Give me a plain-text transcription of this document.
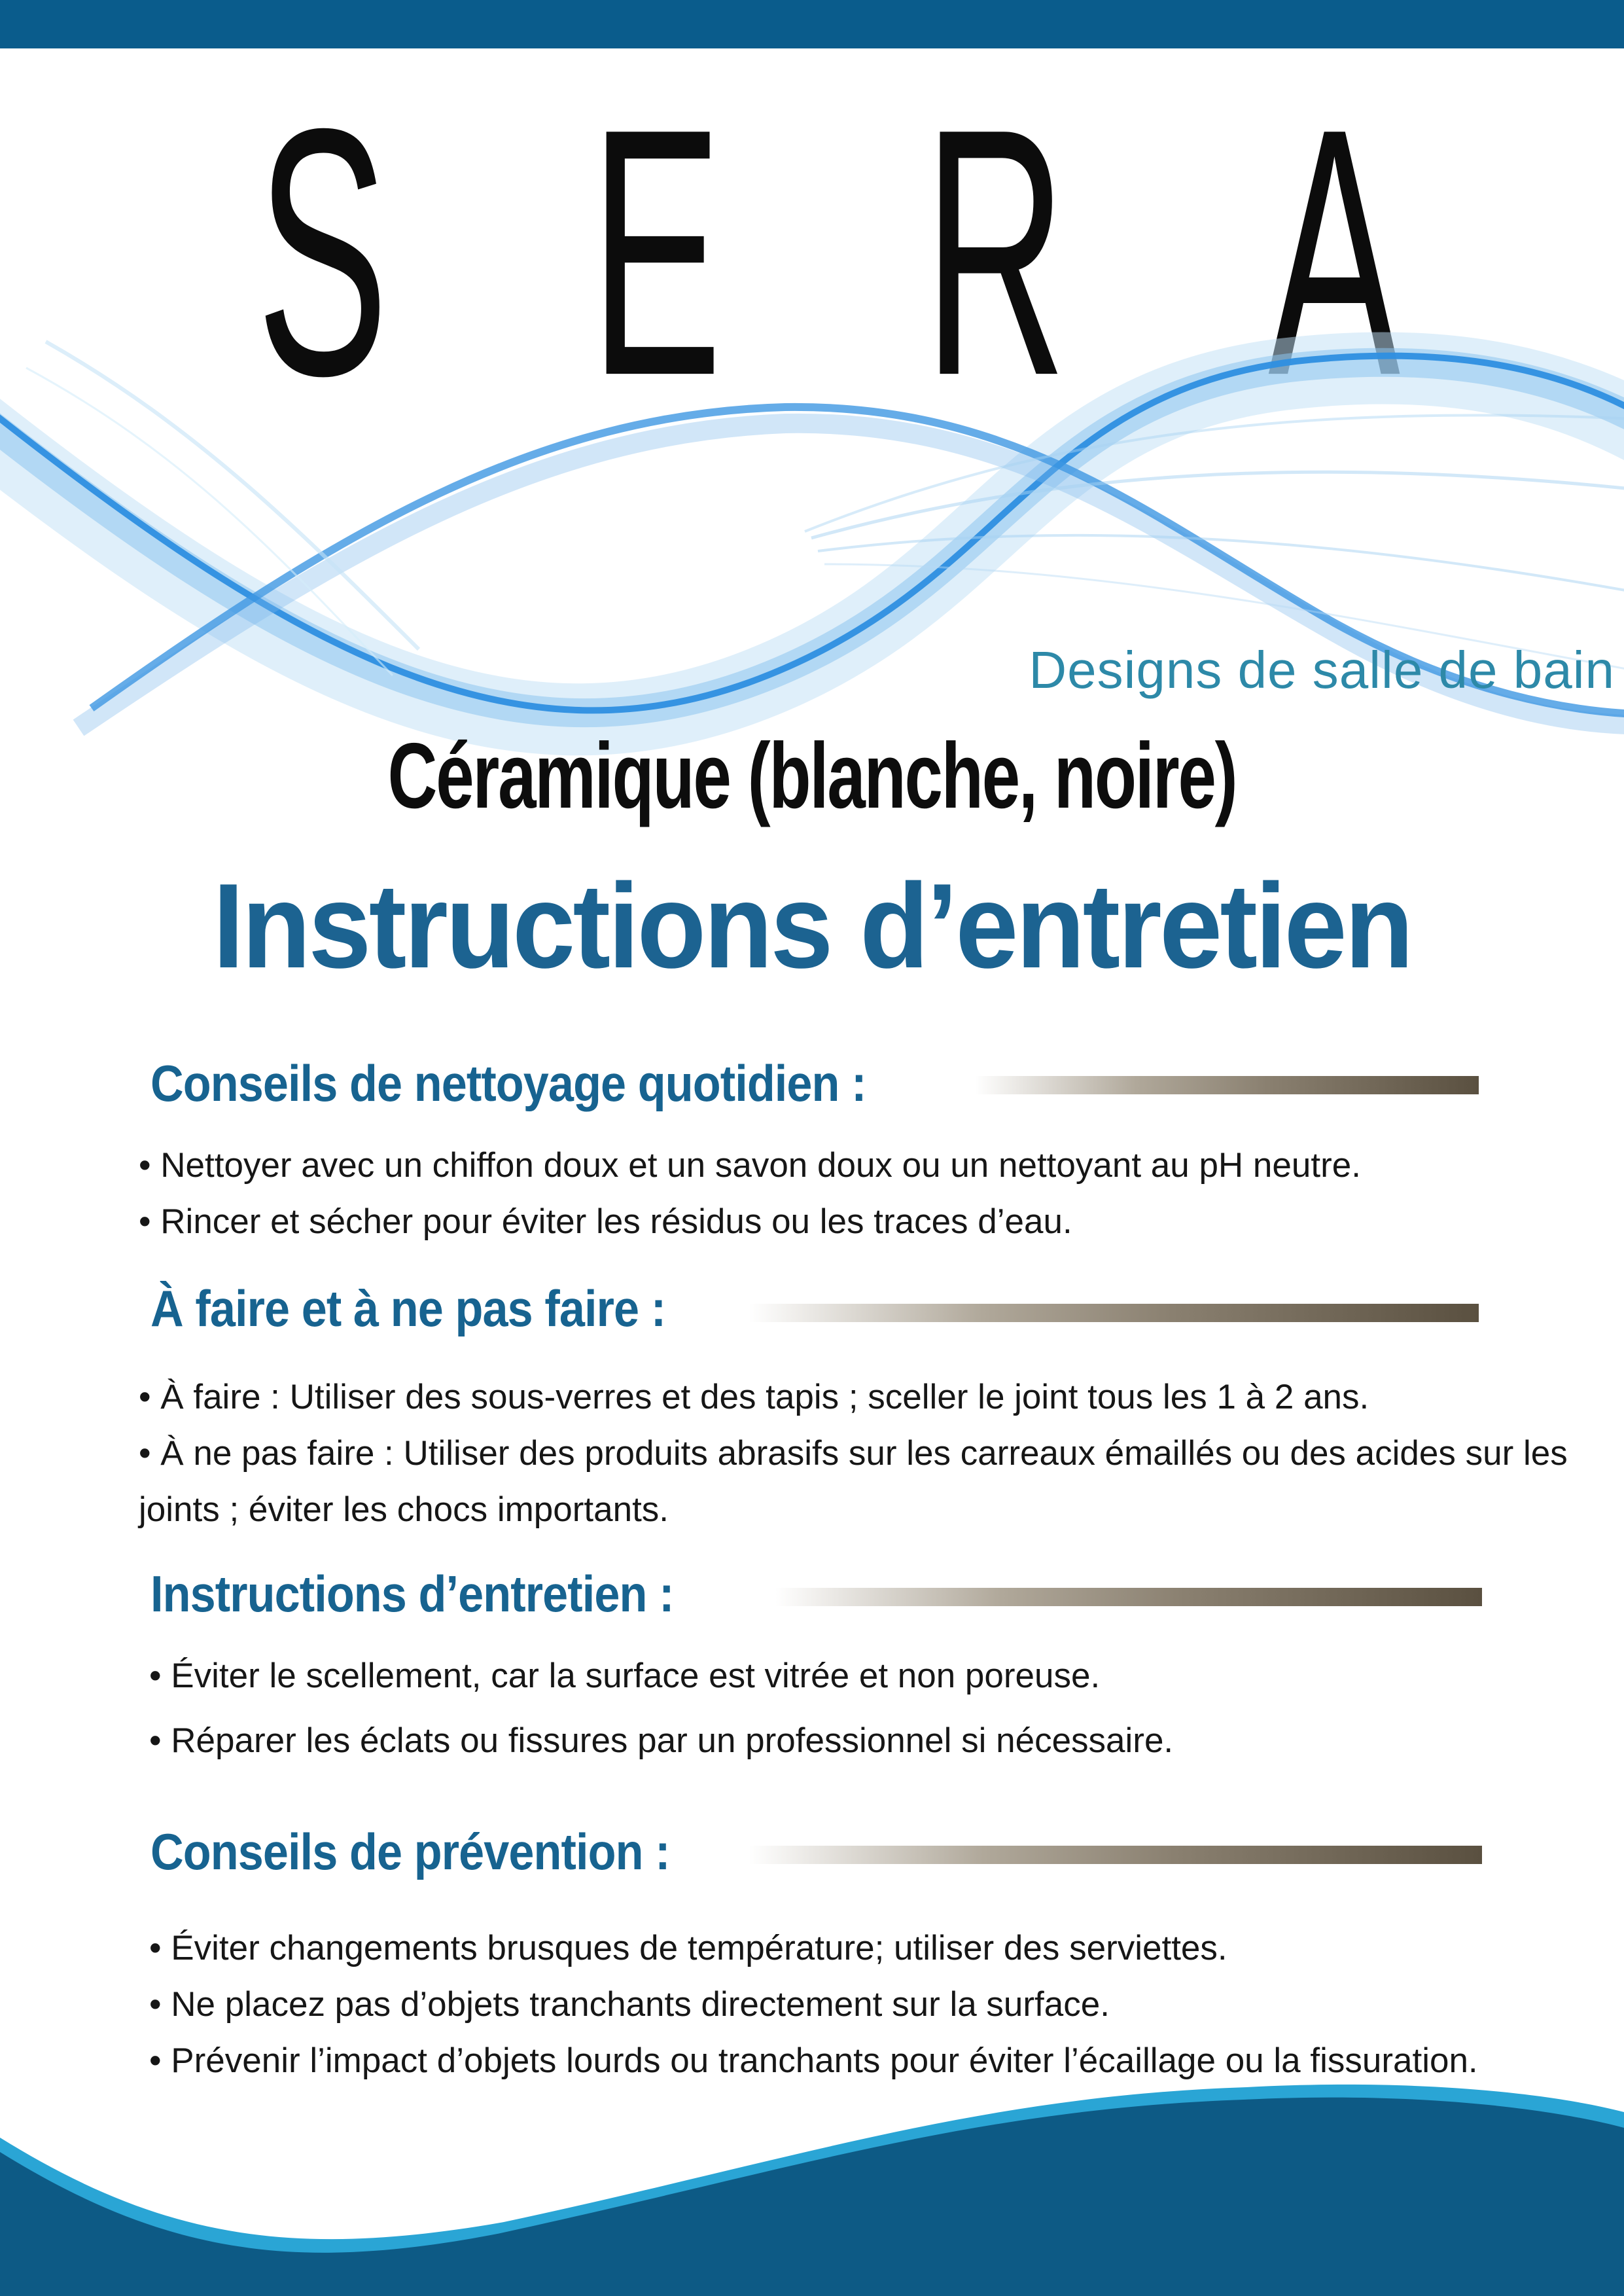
SERA
Designs de salle de bain
Céramique (blanche, noire)
Instructions d’entretien
Conseils de nettoyage quotidien :

• Nettoyer avec un chiffon doux et un savon doux ou un nettoyant au pH neutre.

• Rincer et sécher pour éviter les résidus ou les traces d’eau.

À faire et à ne pas faire :

• À faire : Utiliser des sous-verres et des tapis ; sceller le joint tous les 1 à 2 ans.

• À ne pas faire : Utiliser des produits abrasifs sur les carreaux émaillés ou des acides sur les joints ; éviter les chocs importants.

Instructions d’entretien :

• Éviter le scellement, car la surface est vitrée et non poreuse.

• Réparer les éclats ou fissures par un professionnel si nécessaire.

Conseils de prévention :

• Éviter changements brusques de température; utiliser des serviettes.

• Ne placez pas d’objets tranchants directement sur la surface.

• Prévenir l’impact d’objets lourds ou tranchants pour éviter l’écaillage ou la fissuration.
